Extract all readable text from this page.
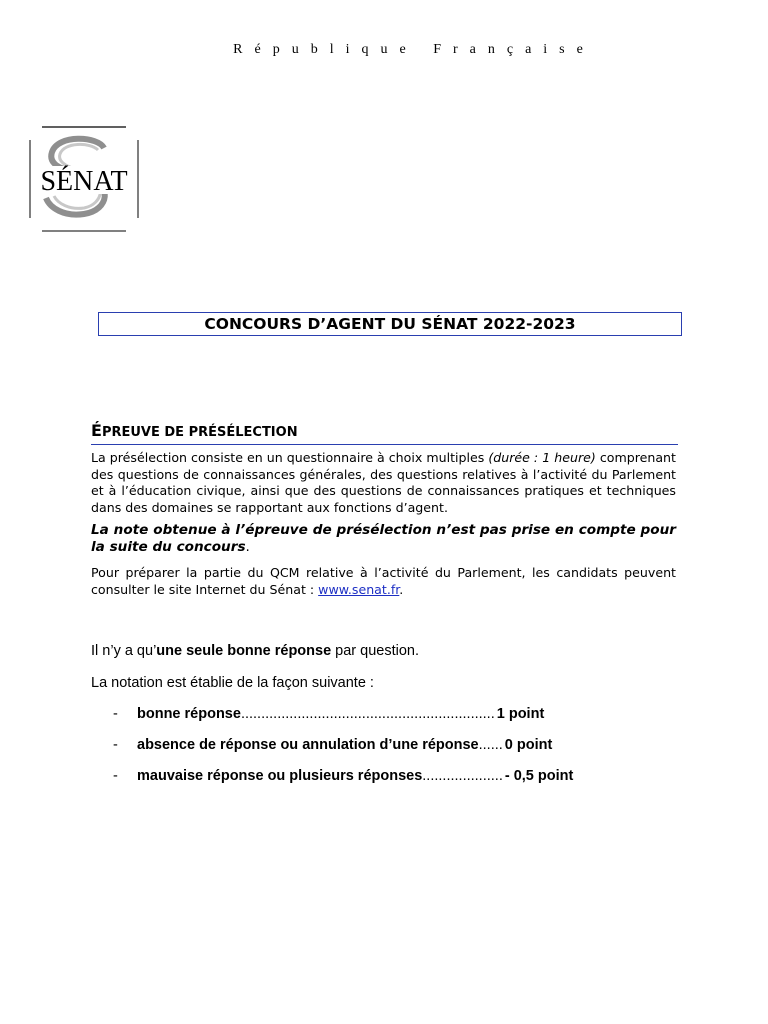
République Française
SÉNAT
CONCOURS D’AGENT DU SÉNAT 2022-2023
ÉPREUVE DE PRÉSÉLECTION
La présélection consiste en un questionnaire à choix multiples (durée : 1 heure) comprenant des questions de connaissances générales, des questions relatives à l’activité du Parlement et à l’éducation civique, ainsi que des questions de connaissances pratiques et techniques dans des domaines se rapportant aux fonctions d’agent.
La note obtenue à l’épreuve de présélection n’est pas prise en compte pour la suite du concours.
Pour préparer la partie du QCM relative à l’activité du Parlement, les candidats peuvent consulter le site Internet du Sénat : www.senat.fr.
Il n’y a qu’une seule bonne réponse par question.
La notation est établie de la façon suivante :
-	bonne réponse ............................................................... 1 point
-	absence de réponse ou annulation d’une réponse ...... 0 point
-	mauvaise réponse ou plusieurs réponses .................... - 0,5 point
